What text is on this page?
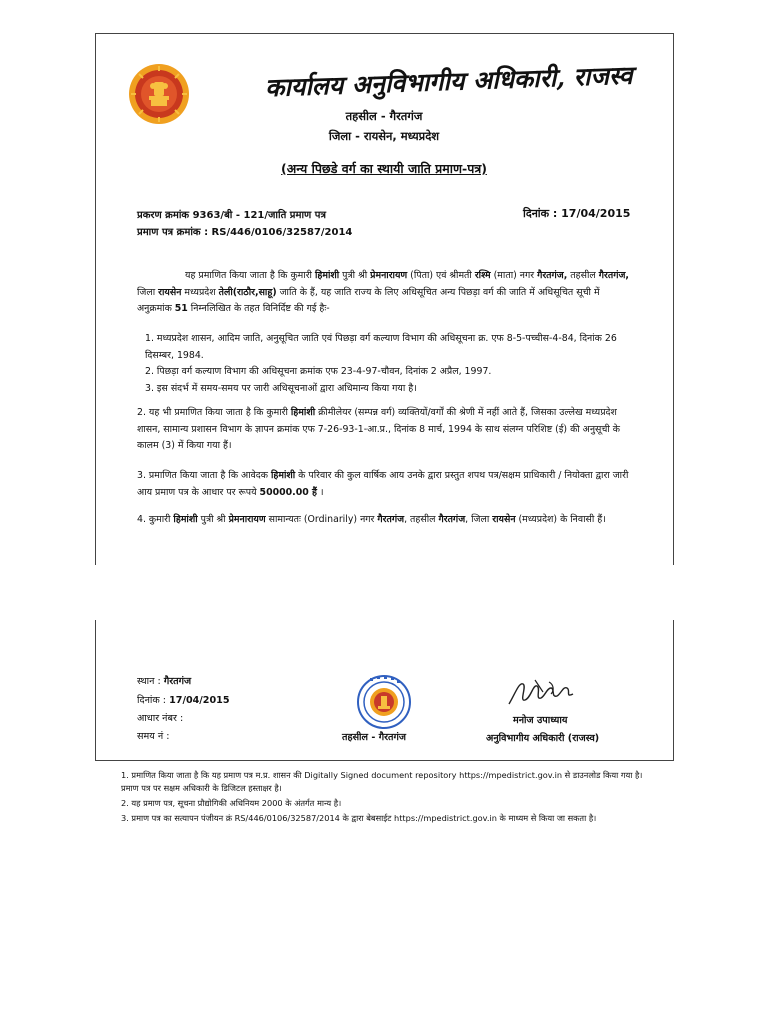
कार्यालय अनुविभागीय अधिकारी, राजस्व
तहसील - गैरतगंज
जिला - रायसेन, मध्यप्रदेश
(अन्य पिछडे वर्ग का स्थायी जाति प्रमाण-पत्र)
प्रकरण क्रमांक 9363/बी - 121/जाति प्रमाण पत्र
प्रमाण पत्र क्रमांक : RS/446/0106/32587/2014
दिनांक : 17/04/2015
यह प्रमाणित किया जाता है कि कुमारी हिमांशी पुत्री श्री प्रेमनारायण (पिता) एवं श्रीमती रश्मि (माता) नगर गैरतगंज, तहसील गैरतगंज, जिला रायसेन मध्यप्रदेश तेली(राठौर,साहू) जाति के हैं, यह जाति राज्य के लिए अधिसूचित अन्य पिछड़ा वर्ग की जाति में अधिसूचित सूची में अनुक्रमांक 51 निम्नलिखित के तहत विनिर्दिष्ट की गई हैः-
1. मध्यप्रदेश शासन, आदिम जाति, अनुसूचित जाति एवं पिछड़ा वर्ग कल्याण विभाग की अधिसूचना क्र. एफ 8-5-पच्चीस-4-84, दिनांक 26 दिसम्बर, 1984.
2. पिछड़ा वर्ग कल्याण विभाग की अधिसूचना क्रमांक एफ 23-4-97-चौवन, दिनांक 2 अप्रैल, 1997.
3. इस संदर्भ में समय-समय पर जारी अधिसूचनाओं द्वारा अधिमान्य किया गया है।
2. यह भी प्रमाणित किया जाता है कि कुमारी हिमांशी क्रीमीलेयर (सम्पन्न वर्ग) व्यक्तियों/वर्गों की श्रेणी में नहीं आते हैं, जिसका उल्लेख मध्यप्रदेश शासन, सामान्य प्रशासन विभाग के ज्ञापन क्रमांक एफ 7-26-93-1-आ.प्र., दिनांक 8 मार्च, 1994 के साथ संलग्न परिशिष्ट (ई) की अनुसूची के कालम (3) में किया गया हैं।
3. प्रमाणित किया जाता है कि आवेदक हिमांशी के परिवार की कुल वार्षिक आय उनके द्वारा प्रस्तुत शपथ पत्र/सक्षम प्राधिकारी / नियोक्ता द्वारा जारी आय प्रमाण पत्र के आधार पर रूपये 50000.00 हैं ।
4. कुमारी हिमांशी पुत्री श्री प्रेमनारायण सामान्यतः (Ordinarily) नगर गैरतगंज, तहसील गैरतगंज, जिला रायसेन (मध्यप्रदेश) के निवासी हैं।
स्थान : गैरतगंज
दिनांक : 17/04/2015
आधार नंबर :
समय नं :	तहसील - गैरतगंज
मनोज उपाध्याय
अनुविभागीय अधिकारी (राजस्व)
1. प्रमाणित किया जाता है कि यह प्रमाण पत्र म.प्र. शासन की Digitally Signed document repository https://mpedistrict.gov.in से डाउनलोड किया गया है। प्रमाण पत्र पर सक्षम अधिकारी के डिजिटल हस्ताक्षर है।
2. यह प्रमाण पत्र, सूचना प्रौद्योगिकी अधिनियम 2000 के अंतर्गत मान्य है।
3. प्रमाण पत्र का सत्यापन पंजीयन क्रं RS/446/0106/32587/2014 के द्वारा बेबसाईट https://mpedistrict.gov.in के माध्यम से किया जा सकता है।
